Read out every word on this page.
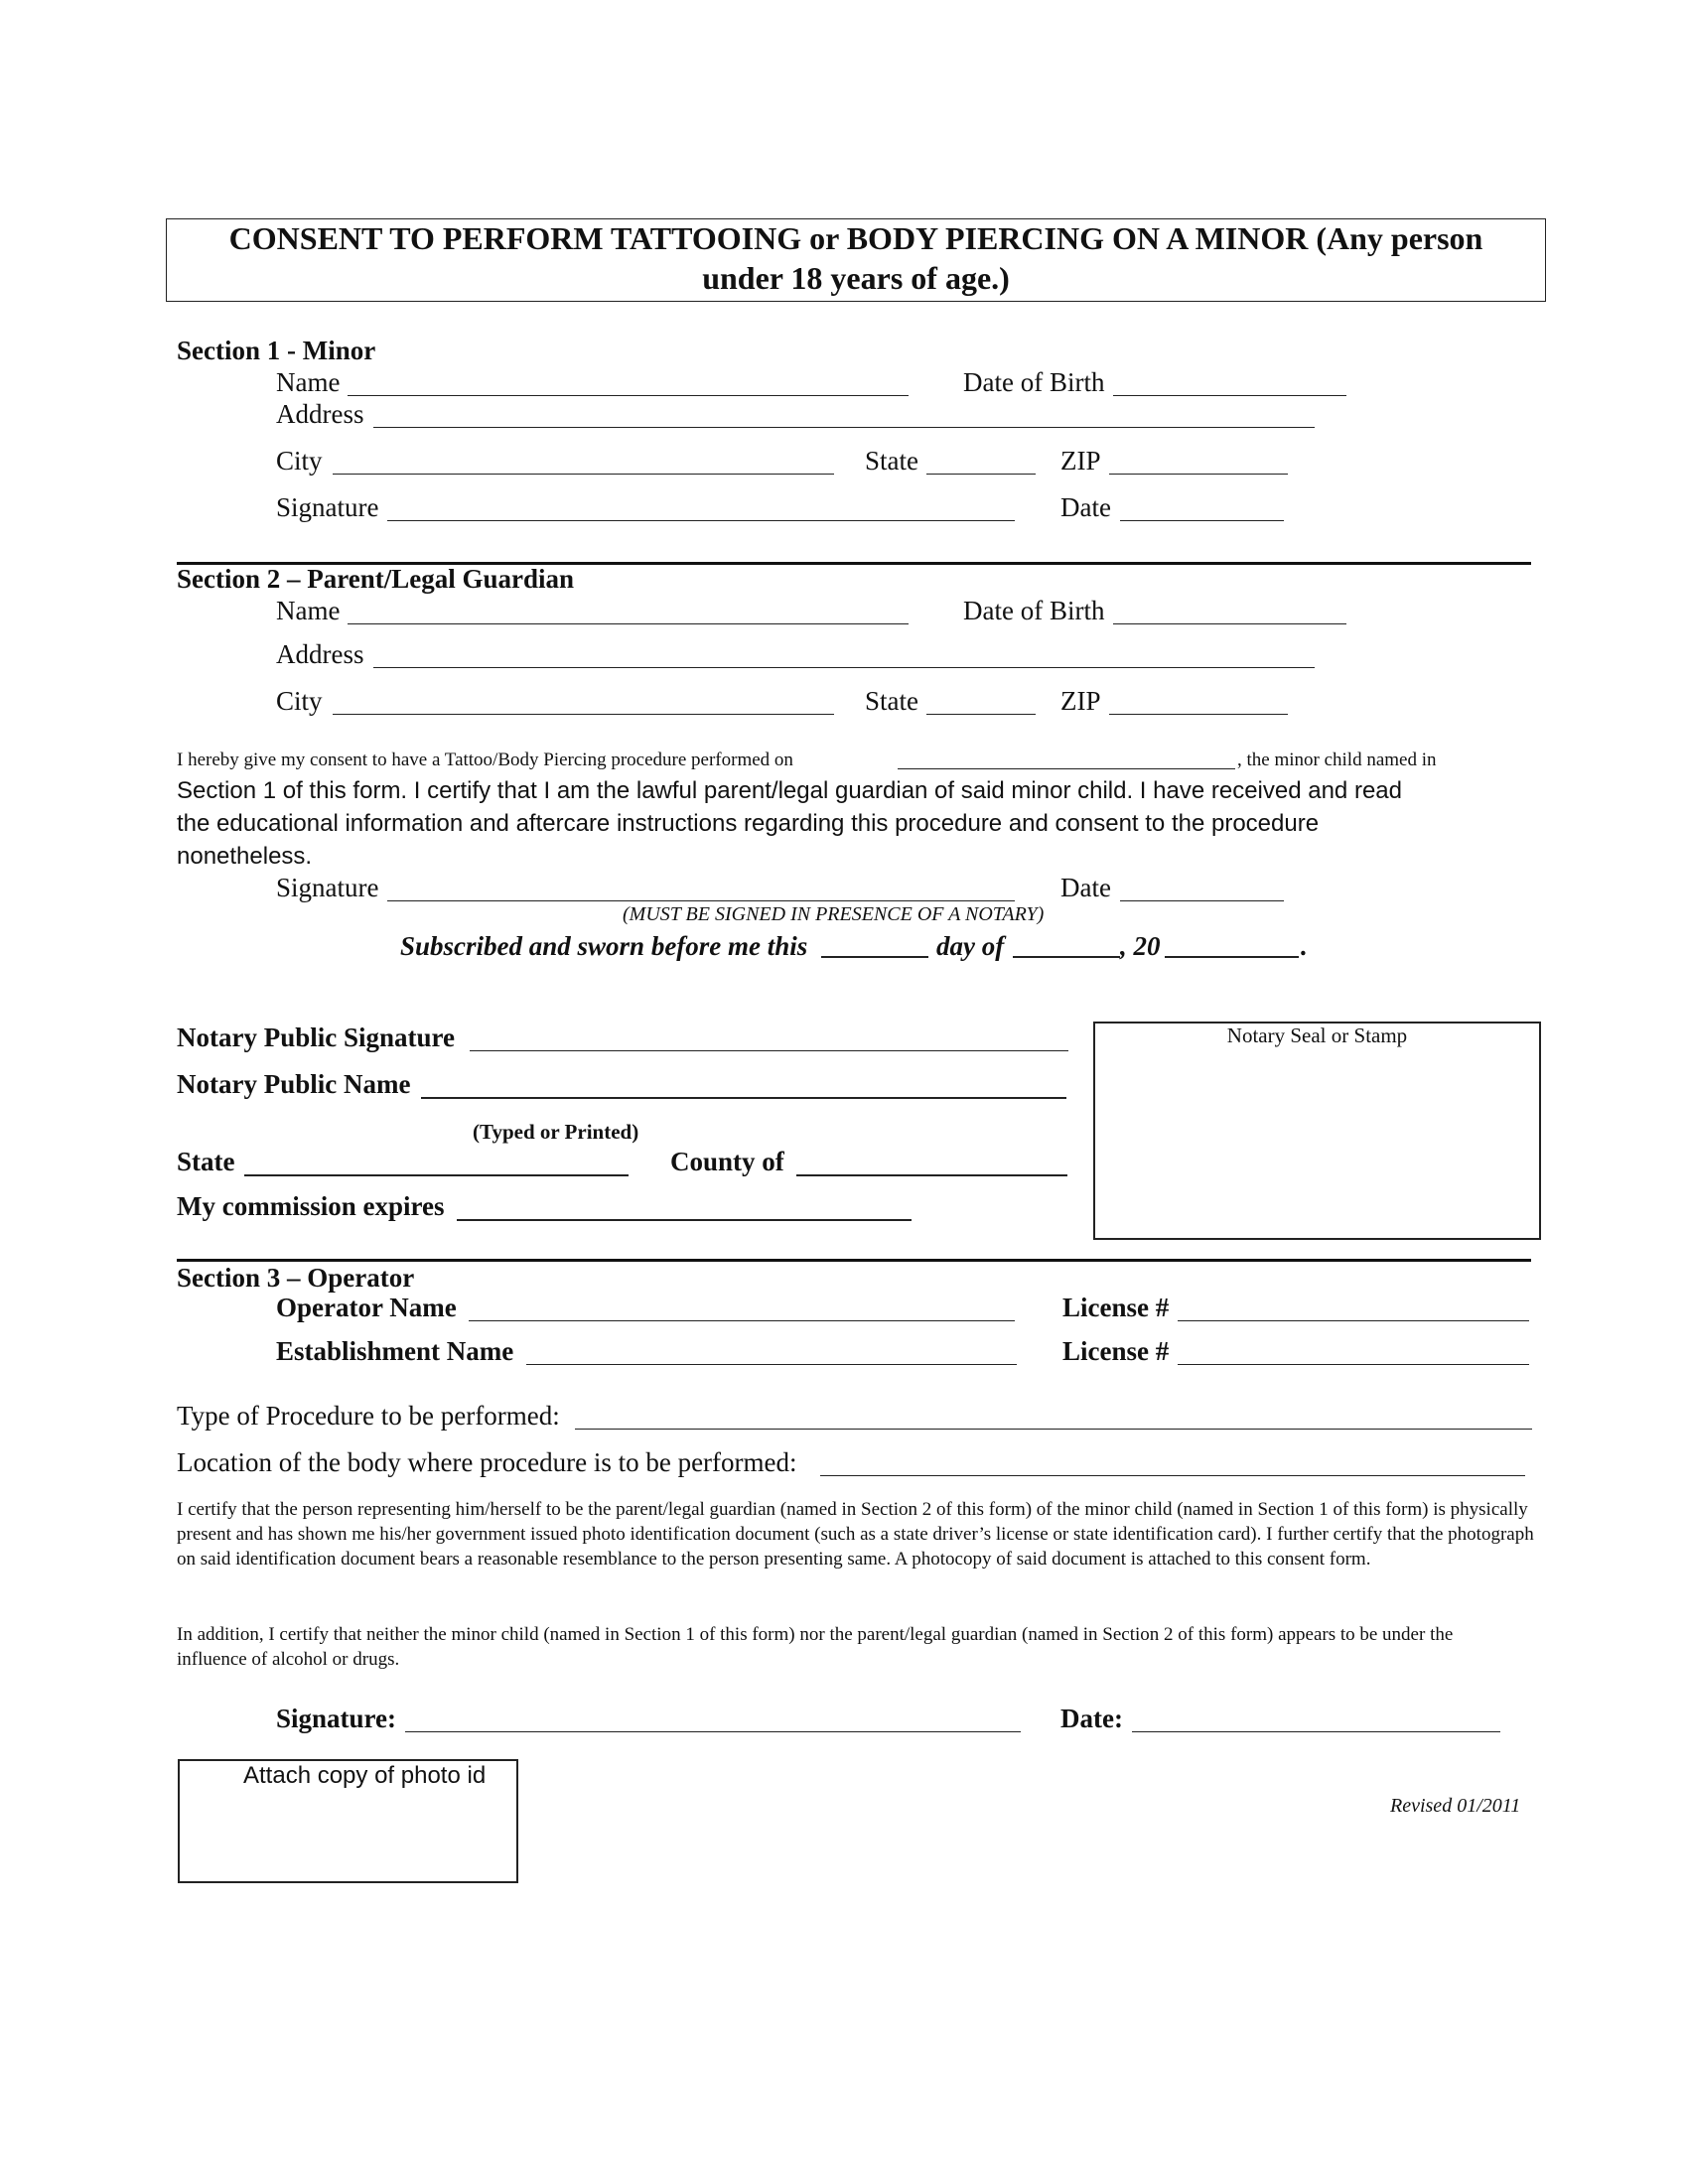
CONSENT TO PERFORM TATTOOING or BODY PIERCING ON A MINOR (Any person
under 18 years of age.)
Section 1 - Minor
Name	Date of Birth
Address
City	State	ZIP
Signature	Date
Section 2 – Parent/Legal Guardian
Name	Date of Birth
Address
City	State	ZIP
I hereby give my consent to have a Tattoo/Body Piercing procedure performed on	, the minor child named in
Section 1 of this form. I certify that I am the lawful parent/legal guardian of said minor child. I have received and read
the educational information and aftercare instructions regarding this procedure and consent to the procedure
nonetheless.
Signature	Date
(MUST BE SIGNED IN PRESENCE OF A NOTARY)
Subscribed and sworn before me this	day of	, 20	.
Notary Public Signature
Notary Public Name
(Typed or Printed)
State	County of
My commission expires
Notary Seal or Stamp
Section 3 – Operator
Operator Name	License #
Establishment Name	License #
Type of Procedure to be performed:
Location of the body where procedure is to be performed:
I certify that the person representing him/herself to be the parent/legal guardian (named in Section 2 of this form) of the minor child (named in Section 1 of this form) is physically present and has shown me his/her government issued photo identification document (such as a state driver’s license or state identification card). I further certify that the photograph on said identification document bears a reasonable resemblance to the person presenting same. A photocopy of said document is attached to this consent form.
In addition, I certify that neither the minor child (named in Section 1 of this form) nor the parent/legal guardian (named in Section 2 of this form) appears to be under the influence of alcohol or drugs.
Signature:	Date:
Attach copy of photo id
Revised 01/2011
